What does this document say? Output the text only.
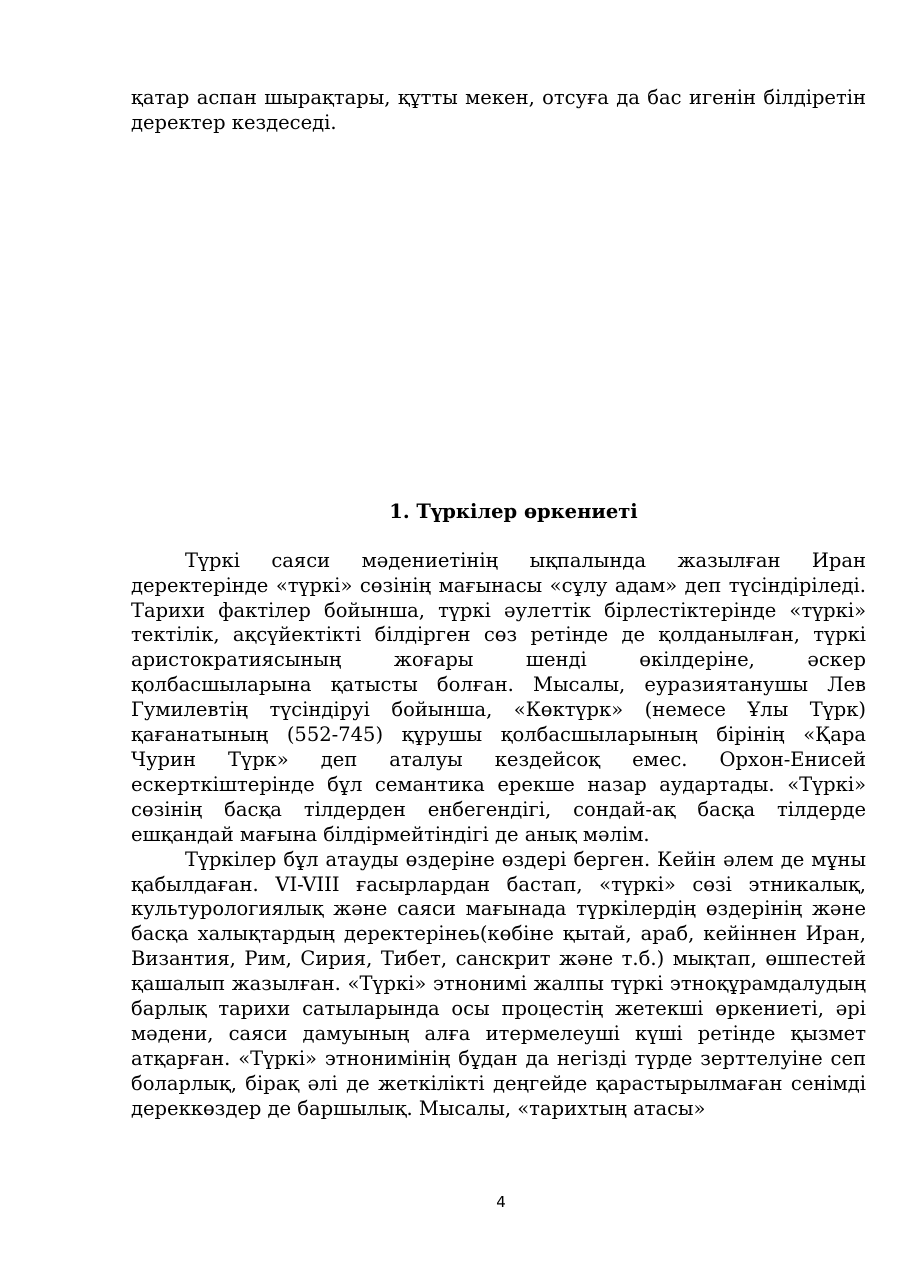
қатар аспан шырақтары, құтты мекен, отсуға да бас игенін білдіретін деректер кездеседі.

1. Түркілер өркениеті

Түркі саяси мәдениетінің ықпалында жазылған Иран деректерінде «түркі» сөзінің мағынасы «сұлу адам» деп түсіндіріледі. Тарихи фактілер бойынша, түркі әулеттік бірлестіктерінде «түркі» тектілік, ақсүйектікті білдірген сөз ретінде де қолданылған, түркі аристократиясының жоғары шенді өкілдеріне, әскер қолбасшыларына қатысты болған. Мысалы, еуразиятанушы Лев Гумилевтің түсіндіруі бойынша, «Көктүрк» (немесе Ұлы Түрк) қағанатының (552-745) құрушы қолбасшыларының бірінің «Қара Чурин Түрк» деп аталуы кездейсоқ емес. Орхон-Енисей ескерткіштерінде бұл семантика ерекше назар аудартады. «Түркі» сөзінің басқа тілдерден енбегендігі, сондай-ақ басқа тілдерде ешқандай мағына білдірмейтіндігі де анық мәлім.

Түркілер бұл атауды өздеріне өздері берген. Кейін әлем де мұны қабылдаған. VI-VIII ғасырлардан бастап, «түркі» сөзі этникалық, культурологиялық және саяси мағынада түркілердің өздерінің және басқа халықтардың деректерінеь(көбіне қытай, араб, кейіннен Иран, Византия, Рим, Сирия, Тибет, санскрит және т.б.) мықтап, өшпестей қашалып жазылған. «Түркі» этнонимі жалпы түркі этноқұрамдалудың барлық тарихи сатыларында осы процестің жетекші өркениеті, әрі мәдени, саяси дамуының алға итермелеуші күші ретінде қызмет атқарған. «Түркі» этнонимінің бұдан да негізді түрде зерттелуіне сеп боларлық, бірақ әлі де жеткілікті деңгейде қарастырылмаған сенімді дереккөздер де баршылық. Мысалы, «тарихтың атасы»

4
